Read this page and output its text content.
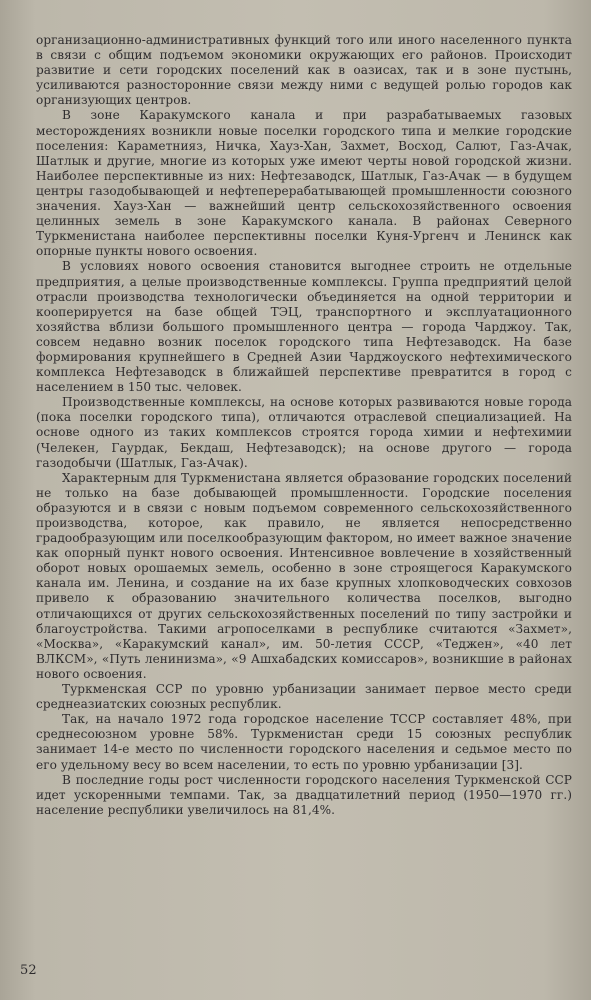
организационно-административных функций того или иного населенного пункта в связи с общим подъемом экономики окружающих его районов. Происходит развитие и сети городских поселений как в оазисах, так и в зоне пустынь, усиливаются разносторонние связи между ними с ведущей ролью городов как организующих центров.

В зоне Каракумского канала и при разрабатываемых газовых месторождениях возникли новые поселки городского типа и мелкие городские поселения: Караметнияз, Ничка, Хауз-Хан, Захмет, Восход, Салют, Газ-Ачак, Шатлык и другие, многие из которых уже имеют черты новой городской жизни. Наиболее перспективные из них: Нефтезаводск, Шатлык, Газ-Ачак — в будущем центры газодобывающей и нефтеперерабатывающей промышленности союзного значения. Хауз-Хан — важнейший центр сельскохозяйственного освоения целинных земель в зоне Каракумского канала. В районах Северного Туркменистана наиболее перспективны поселки Куня-Ургенч и Ленинск как опорные пункты нового освоения.

В условиях нового освоения становится выгоднее строить не отдельные предприятия, а целые производственные комплексы. Группа предприятий целой отрасли производства технологически объединяется на одной территории и кооперируется на базе общей ТЭЦ, транспортного и эксплуатационного хозяйства вблизи большого промышленного центра — города Чарджоу. Так, совсем недавно возник поселок городского типа Нефтезаводск. На базе формирования крупнейшего в Средней Азии Чарджоуского нефтехимического комплекса Нефтезаводск в ближайшей перспективе превратится в город с населением в 150 тыс. человек.

Производственные комплексы, на основе которых развиваются новые города (пока поселки городского типа), отличаются отраслевой специализацией. На основе одного из таких комплексов строятся города химии и нефтехимии (Челекен, Гаурдак, Бекдаш, Нефтезаводск); на основе другого — города газодобычи (Шатлык, Газ-Ачак).

Характерным для Туркменистана является образование городских поселений не только на базе добывающей промышленности. Городские поселения образуются и в связи с новым подъемом современного сельскохозяйственного производства, которое, как правило, не является непосредственно градообразующим или поселкообразующим фактором, но имеет важное значение как опорный пункт нового освоения. Интенсивное вовлечение в хозяйственный оборот новых орошаемых земель, особенно в зоне строящегося Каракумского канала им. Ленина, и создание на их базе крупных хлопководческих совхозов привело к образованию значительного количества поселков, выгодно отличающихся от других сельскохозяйственных поселений по типу застройки и благоустройства. Такими агропоселками в республике считаются «Захмет», «Москва», «Каракумский канал», им. 50-летия СССР, «Теджен», «40 лет ВЛКСМ», «Путь ленинизма», «9 Ашхабадских комиссаров», возникшие в районах нового освоения.

Туркменская ССР по уровню урбанизации занимает первое место среди среднеазиатских союзных республик.

Так, на начало 1972 года городское население ТССР составляет 48%, при среднесоюзном уровне 58%. Туркменистан среди 15 союзных республик занимает 14-е место по численности городского населения и седьмое место по его удельному весу во всем населении, то есть по уровню урбанизации [3].

В последние годы рост численности городского населения Туркменской ССР идет ускоренными темпами. Так, за двадцатилетний период (1950—1970 гг.) население республики увеличилось на 81,4%.

52
